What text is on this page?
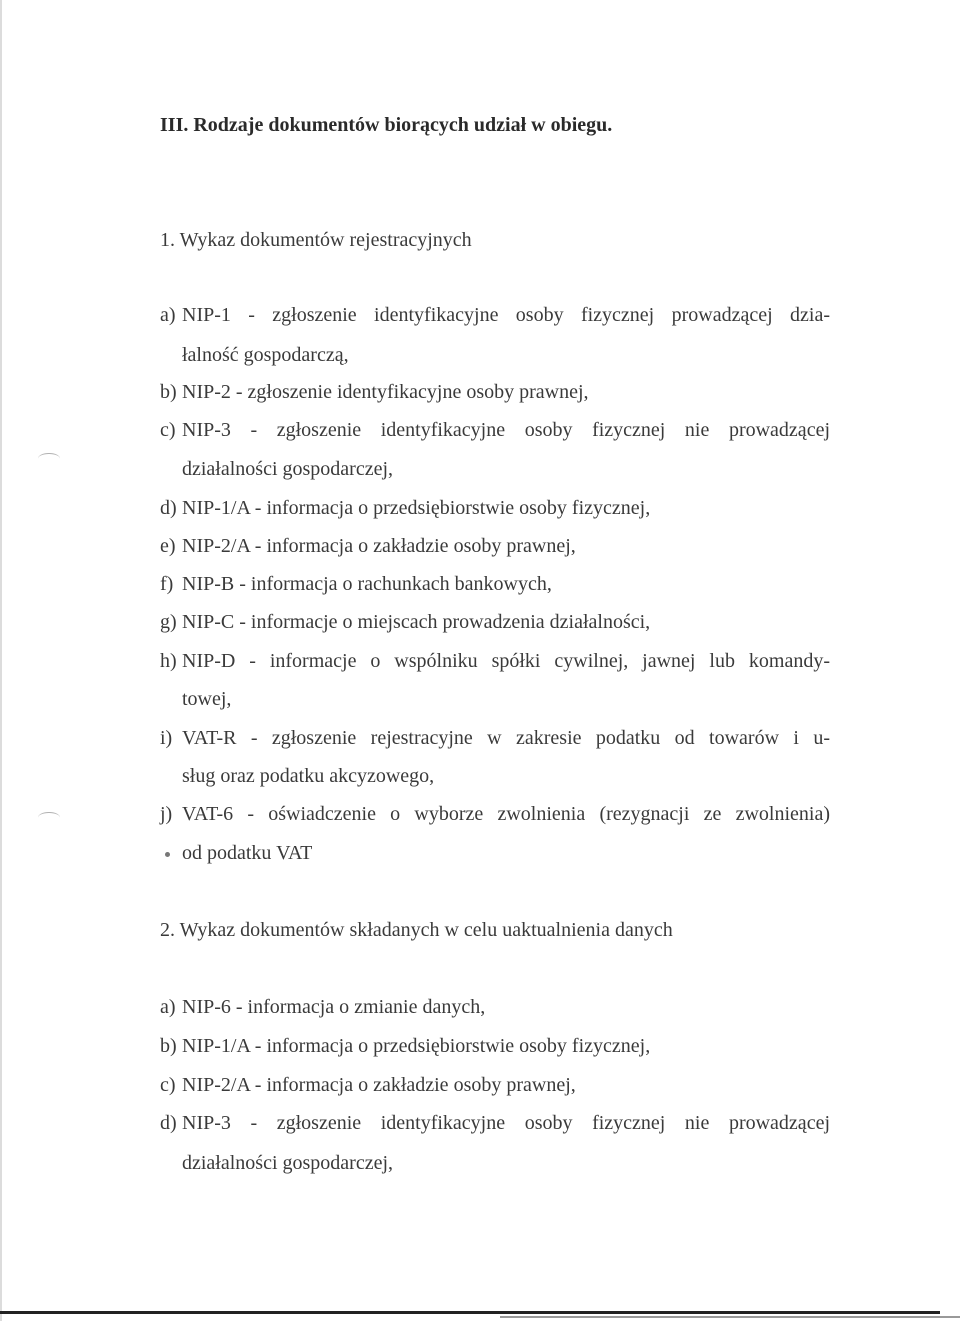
III. Rodzaje dokumentów biorących udział w obiegu.
1. Wykaz dokumentów rejestracyjnych
a) NIP-1 - zgłoszenie identyfikacyjne osoby fizycznej prowadzącej dzia-
łalność gospodarczą,
b) NIP-2 - zgłoszenie identyfikacyjne osoby prawnej,
c) NIP-3 - zgłoszenie identyfikacyjne osoby fizycznej nie prowadzącej
działalności gospodarczej,
d) NIP-1/A - informacja o przedsiębiorstwie osoby fizycznej,
e) NIP-2/A - informacja o zakładzie osoby prawnej,
f) NIP-B - informacja o rachunkach bankowych,
g) NIP-C - informacje o miejscach prowadzenia działalności,
h) NIP-D - informacje o wspólniku spółki cywilnej, jawnej lub komandy-
towej,
i) VAT-R - zgłoszenie rejestracyjne w zakresie podatku od towarów i u-
sług oraz podatku akcyzowego,
j) VAT-6 - oświadczenie o wyborze zwolnienia (rezygnacji ze zwolnienia)
od podatku VAT
2. Wykaz dokumentów składanych w celu uaktualnienia danych
a) NIP-6 - informacja o zmianie danych,
b) NIP-1/A - informacja o przedsiębiorstwie osoby fizycznej,
c) NIP-2/A - informacja o zakładzie osoby prawnej,
d) NIP-3 - zgłoszenie identyfikacyjne osoby fizycznej nie prowadzącej
działalności gospodarczej,
